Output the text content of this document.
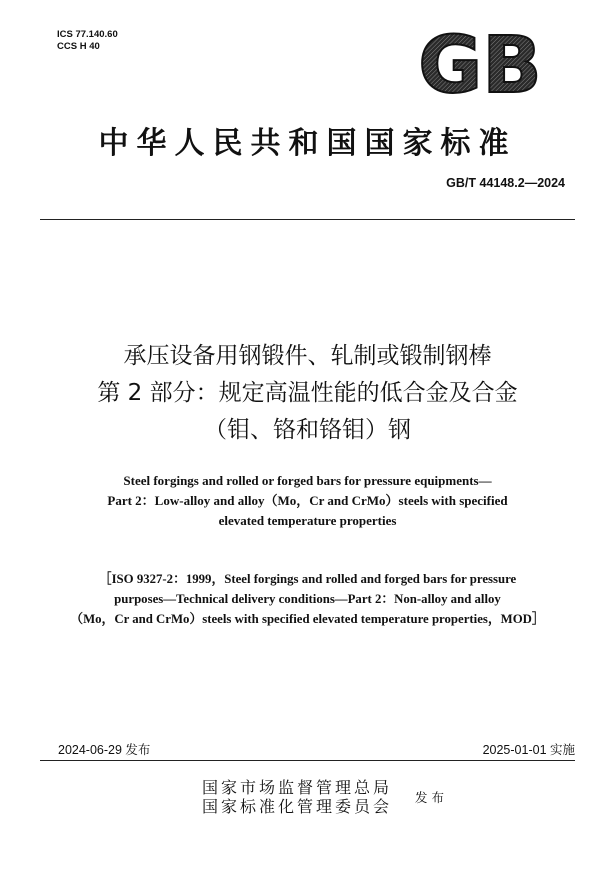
ICS 77.140.60
CCS H 40	GB
中华人民共和国国家标准
GB/T 44148.2—2024
承压设备用钢锻件、轧制或锻制钢棒
第 2 部分：规定高温性能的低合金及合金
（钼、铬和铬钼）钢
Steel forgings and rolled or forged bars for pressure equipments—
Part 2：Low-alloy and alloy（Mo，Cr and CrMo）steels with specified
elevated temperature properties
［ISO 9327-2：1999，Steel forgings and rolled and forged bars for pressure
purposes—Technical delivery conditions—Part 2：Non-alloy and alloy
（Mo，Cr and CrMo）steels with specified elevated temperature properties，MOD］
2024-06-29 发布	2025-01-01 实施
国家市场监督管理总局
国家标准化管理委员会 发布
